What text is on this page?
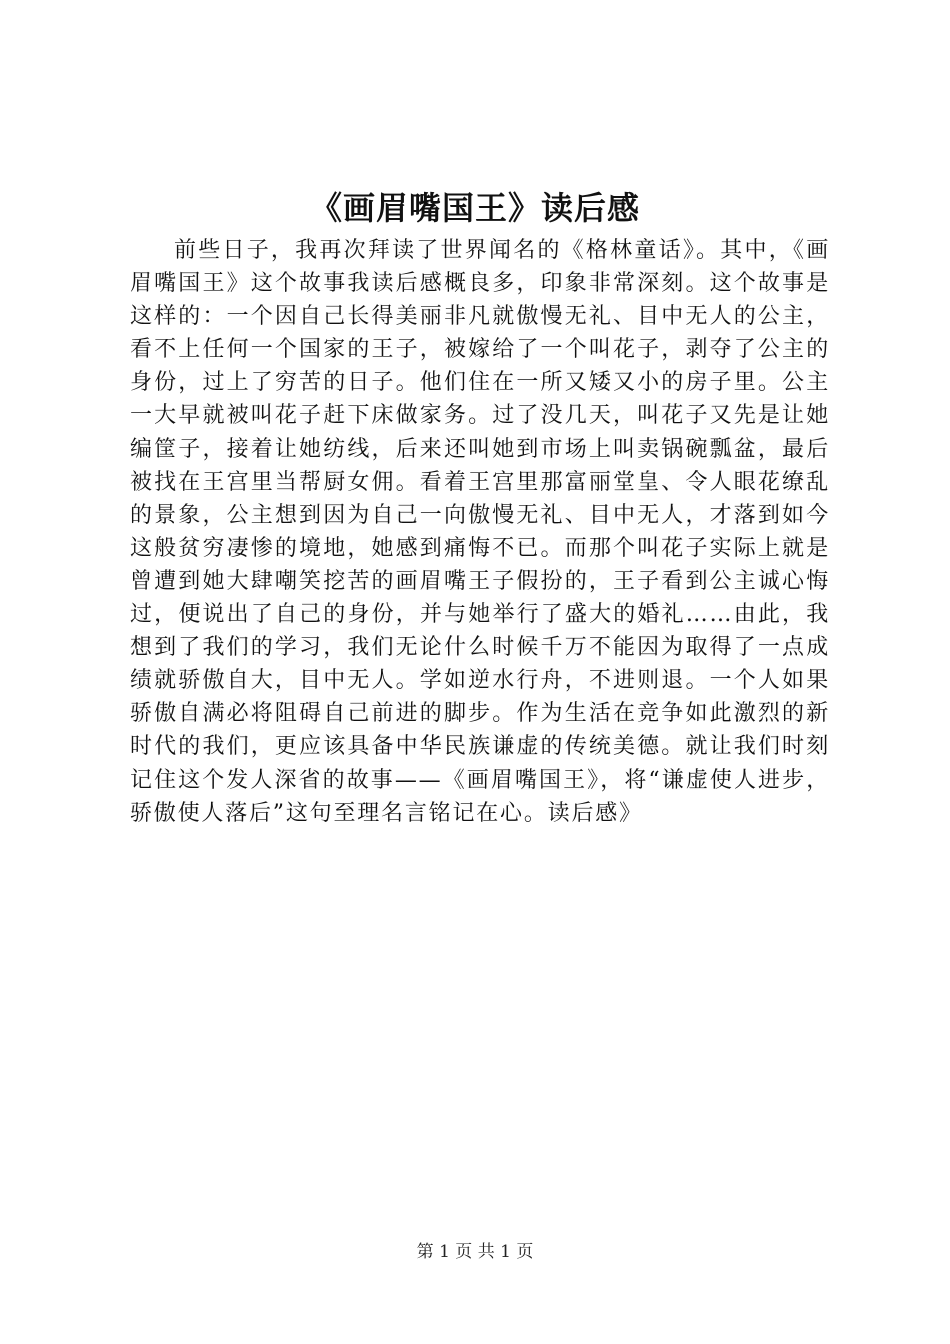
《画眉嘴国王》读后感

前些日子，我再次拜读了世界闻名的《格林童话》。其中，《画眉嘴国王》这个故事我读后感概良多，印象非常深刻。这个故事是这样的：一个因自己长得美丽非凡就傲慢无礼、目中无人的公主，看不上任何一个国家的王子，被嫁给了一个叫花子，剥夺了公主的身份，过上了穷苦的日子。他们住在一所又矮又小的房子里。公主一大早就被叫花子赶下床做家务。过了没几天，叫花子又先是让她编筐子，接着让她纺线，后来还叫她到市场上叫卖锅碗瓢盆，最后被找在王宫里当帮厨女佣。看着王宫里那富丽堂皇、令人眼花缭乱的景象，公主想到因为自己一向傲慢无礼、目中无人，才落到如今这般贫穷凄惨的境地，她感到痛悔不已。而那个叫花子实际上就是曾遭到她大肆嘲笑挖苦的画眉嘴王子假扮的，王子看到公主诚心悔过，便说出了自己的身份，并与她举行了盛大的婚礼……由此，我想到了我们的学习，我们无论什么时候千万不能因为取得了一点成绩就骄傲自大，目中无人。学如逆水行舟，不进则退。一个人如果骄傲自满必将阻碍自己前进的脚步。作为生活在竞争如此激烈的新时代的我们，更应该具备中华民族谦虚的传统美德。就让我们时刻记住这个发人深省的故事——《画眉嘴国王》，将“谦虚使人进步，骄傲使人落后”这句至理名言铭记在心。读后感》

第 1 页 共 1 页
